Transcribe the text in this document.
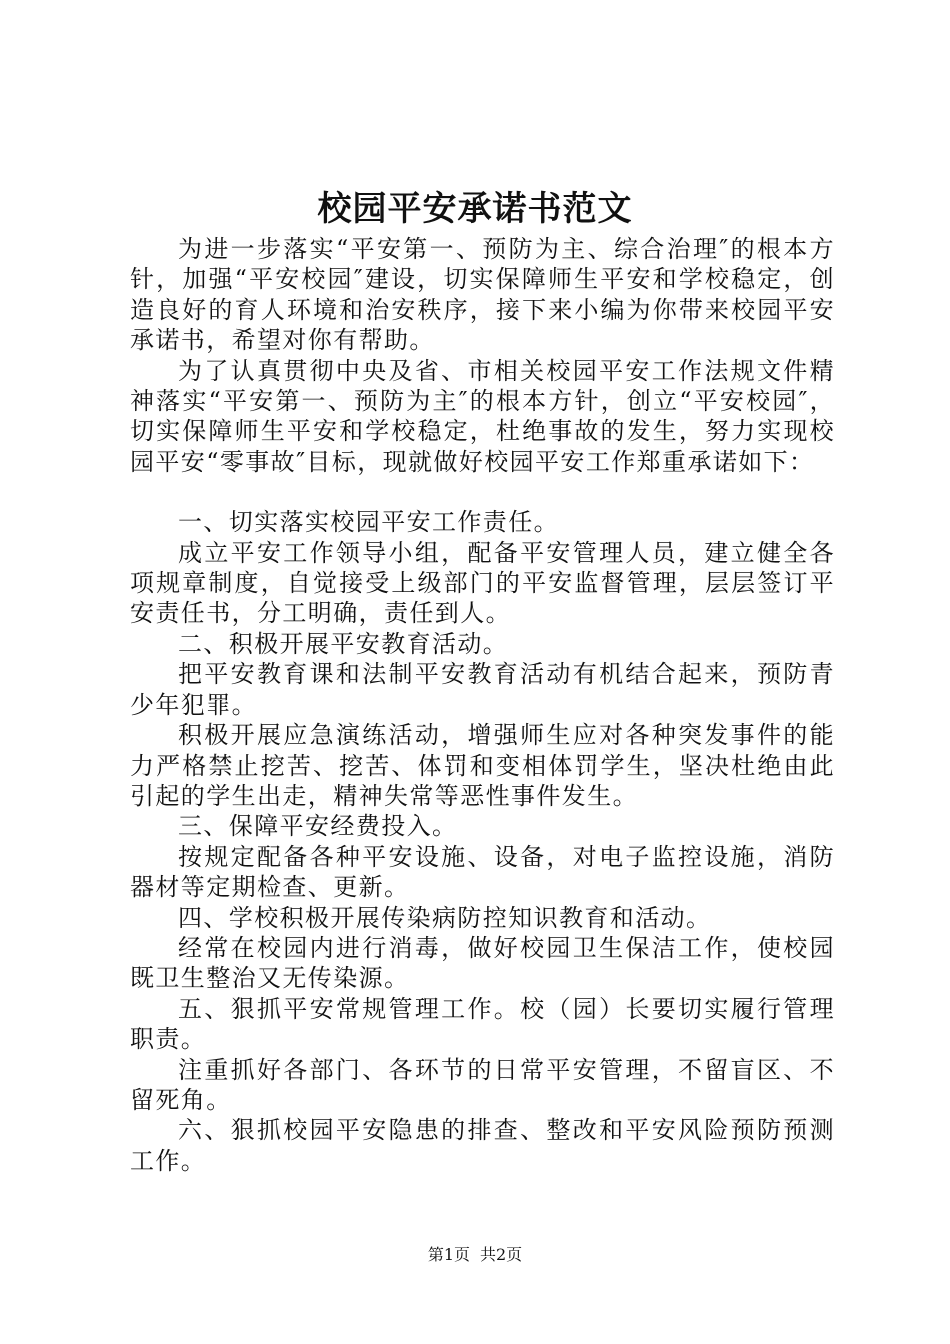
校园平安承诺书范文

为进一步落实“平安第一、预防为主、综合治理″的根本方针，加强“平安校园″建设，切实保障师生平安和学校稳定，创造良好的育人环境和治安秩序，接下来小编为你带来校园平安承诺书，希望对你有帮助。

为了认真贯彻中央及省、市相关校园平安工作法规文件精神落实“平安第一、预防为主″的根本方针，创立“平安校园″，切实保障师生平安和学校稳定，杜绝事故的发生，努力实现校园平安“零事故″目标，现就做好校园平安工作郑重承诺如下：

一、切实落实校园平安工作责任。

成立平安工作领导小组，配备平安管理人员，建立健全各项规章制度，自觉接受上级部门的平安监督管理，层层签订平安责任书，分工明确，责任到人。

二、积极开展平安教育活动。

把平安教育课和法制平安教育活动有机结合起来，预防青少年犯罪。

积极开展应急演练活动，增强师生应对各种突发事件的能力严格禁止挖苦、挖苦、体罚和变相体罚学生，坚决杜绝由此引起的学生出走，精神失常等恶性事件发生。

三、保障平安经费投入。

按规定配备各种平安设施、设备，对电子监控设施，消防器材等定期检查、更新。

四、学校积极开展传染病防控知识教育和活动。

经常在校园内进行消毒，做好校园卫生保洁工作，使校园既卫生整治又无传染源。

五、狠抓平安常规管理工作。校（园）长要切实履行管理职责。

注重抓好各部门、各环节的日常平安管理，不留盲区、不留死角。

六、狠抓校园平安隐患的排查、整改和平安风险预防预测工作。

第1页 共2页
